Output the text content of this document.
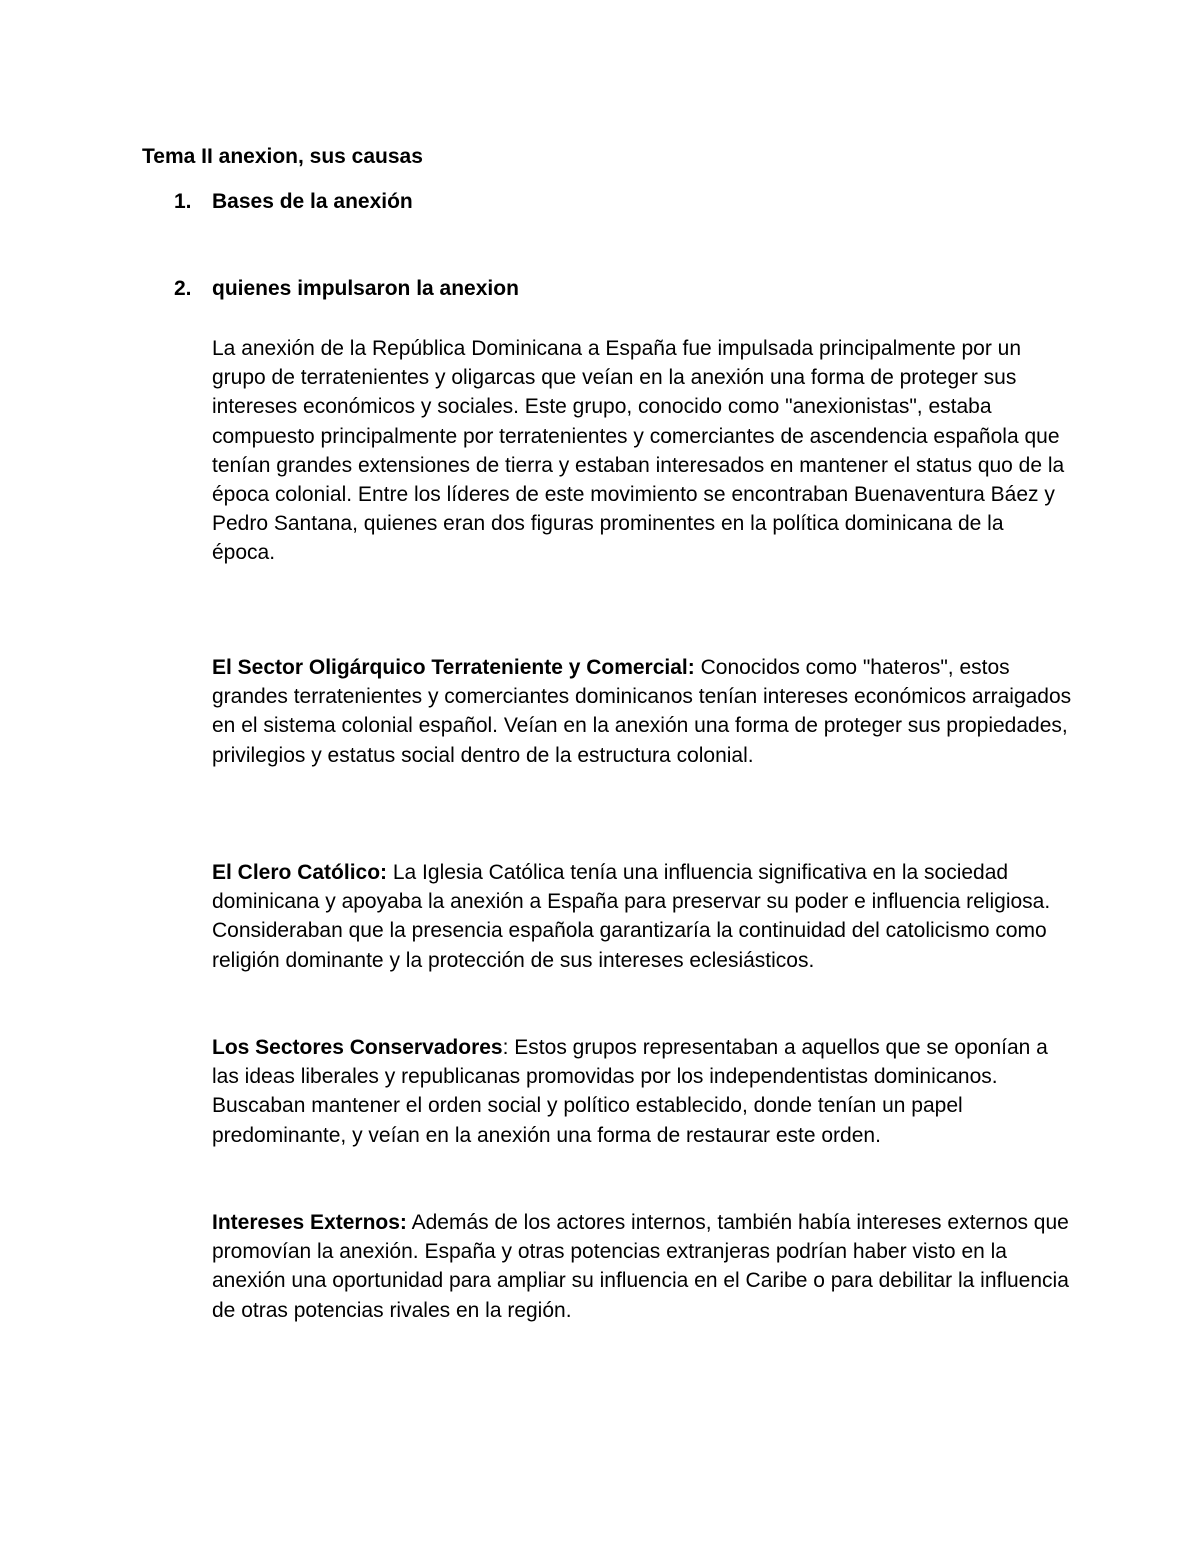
Tema II anexion, sus causas
1. Bases de la anexión
2. quienes impulsaron la anexion

La anexión de la República Dominicana a España fue impulsada principalmente por un grupo de terratenientes y oligarcas que veían en la anexión una forma de proteger sus intereses económicos y sociales. Este grupo, conocido como "anexionistas", estaba compuesto principalmente por terratenientes y comerciantes de ascendencia española que tenían grandes extensiones de tierra y estaban interesados en mantener el status quo de la época colonial. Entre los líderes de este movimiento se encontraban Buenaventura Báez y Pedro Santana, quienes eran dos figuras prominentes en la política dominicana de la época.

El Sector Oligárquico Terrateniente y Comercial: Conocidos como "hateros", estos grandes terratenientes y comerciantes dominicanos tenían intereses económicos arraigados en el sistema colonial español. Veían en la anexión una forma de proteger sus propiedades, privilegios y estatus social dentro de la estructura colonial.

El Clero Católico: La Iglesia Católica tenía una influencia significativa en la sociedad dominicana y apoyaba la anexión a España para preservar su poder e influencia religiosa. Consideraban que la presencia española garantizaría la continuidad del catolicismo como religión dominante y la protección de sus intereses eclesiásticos.

Los Sectores Conservadores: Estos grupos representaban a aquellos que se oponían a las ideas liberales y republicanas promovidas por los independentistas dominicanos. Buscaban mantener el orden social y político establecido, donde tenían un papel predominante, y veían en la anexión una forma de restaurar este orden.

Intereses Externos: Además de los actores internos, también había intereses externos que promovían la anexión. España y otras potencias extranjeras podrían haber visto en la anexión una oportunidad para ampliar su influencia en el Caribe o para debilitar la influencia de otras potencias rivales en la región.
